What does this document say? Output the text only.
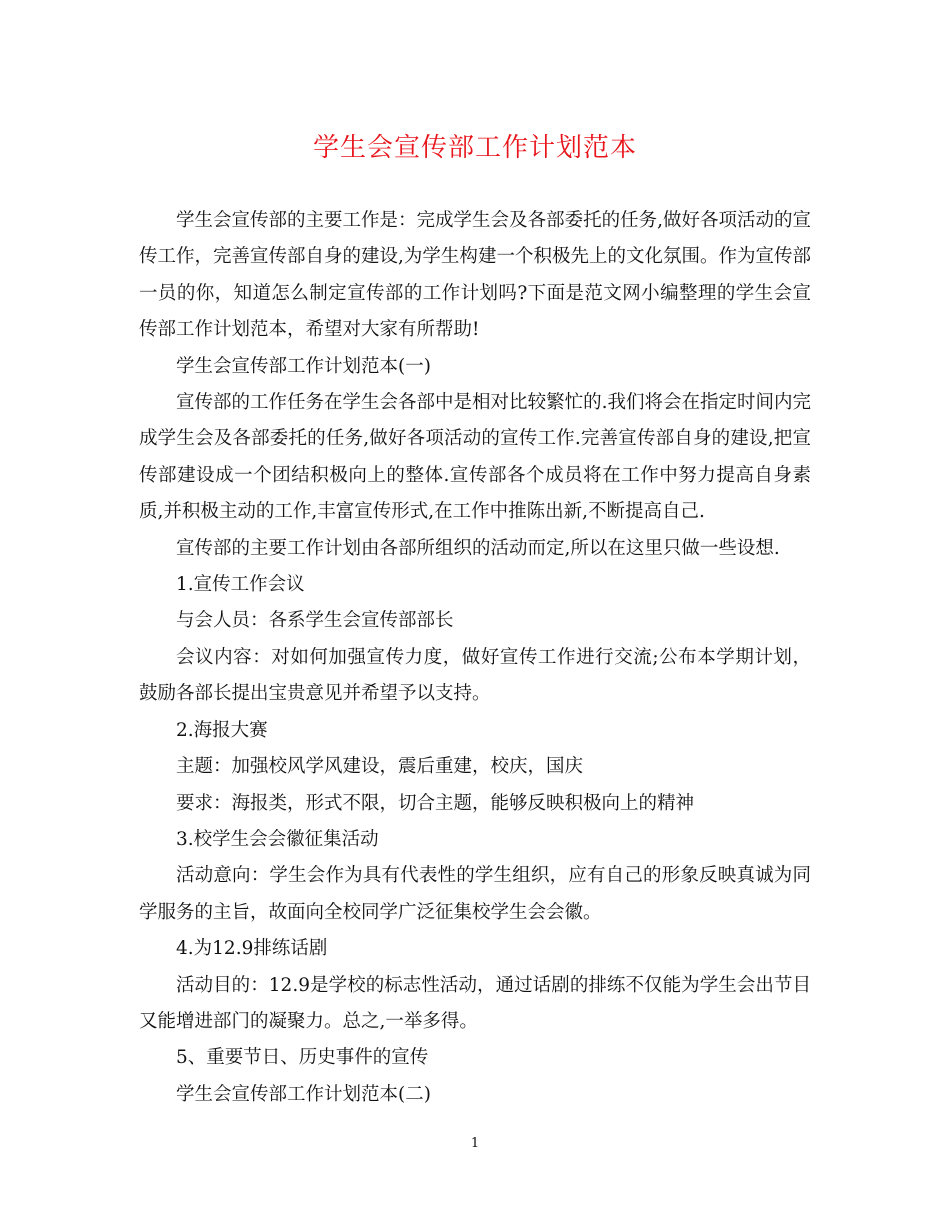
学生会宣传部工作计划范本

学生会宣传部的主要工作是：完成学生会及各部委托的任务,做好各项活动的宣传工作，完善宣传部自身的建设,为学生构建一个积极先上的文化氛围。作为宣传部一员的你，知道怎么制定宣传部的工作计划吗?下面是范文网小编整理的学生会宣传部工作计划范本，希望对大家有所帮助!

学生会宣传部工作计划范本(一)

宣传部的工作任务在学生会各部中是相对比较繁忙的.我们将会在指定时间内完成学生会及各部委托的任务,做好各项活动的宣传工作.完善宣传部自身的建设,把宣传部建设成一个团结积极向上的整体.宣传部各个成员将在工作中努力提高自身素质,并积极主动的工作,丰富宣传形式,在工作中推陈出新,不断提高自己.

宣传部的主要工作计划由各部所组织的活动而定,所以在这里只做一些设想.

1.宣传工作会议

与会人员：各系学生会宣传部部长

会议内容：对如何加强宣传力度，做好宣传工作进行交流;公布本学期计划，鼓励各部长提出宝贵意见并希望予以支持。

2.海报大赛

主题：加强校风学风建设，震后重建，校庆，国庆

要求：海报类，形式不限，切合主题，能够反映积极向上的精神

3.校学生会会徽征集活动

活动意向：学生会作为具有代表性的学生组织，应有自己的形象反映真诚为同学服务的主旨，故面向全校同学广泛征集校学生会会徽。

4.为12.9排练话剧

活动目的：12.9是学校的标志性活动，通过话剧的排练不仅能为学生会出节目又能增进部门的凝聚力。总之,一举多得。

5、重要节日、历史事件的宣传

学生会宣传部工作计划范本(二)

1
